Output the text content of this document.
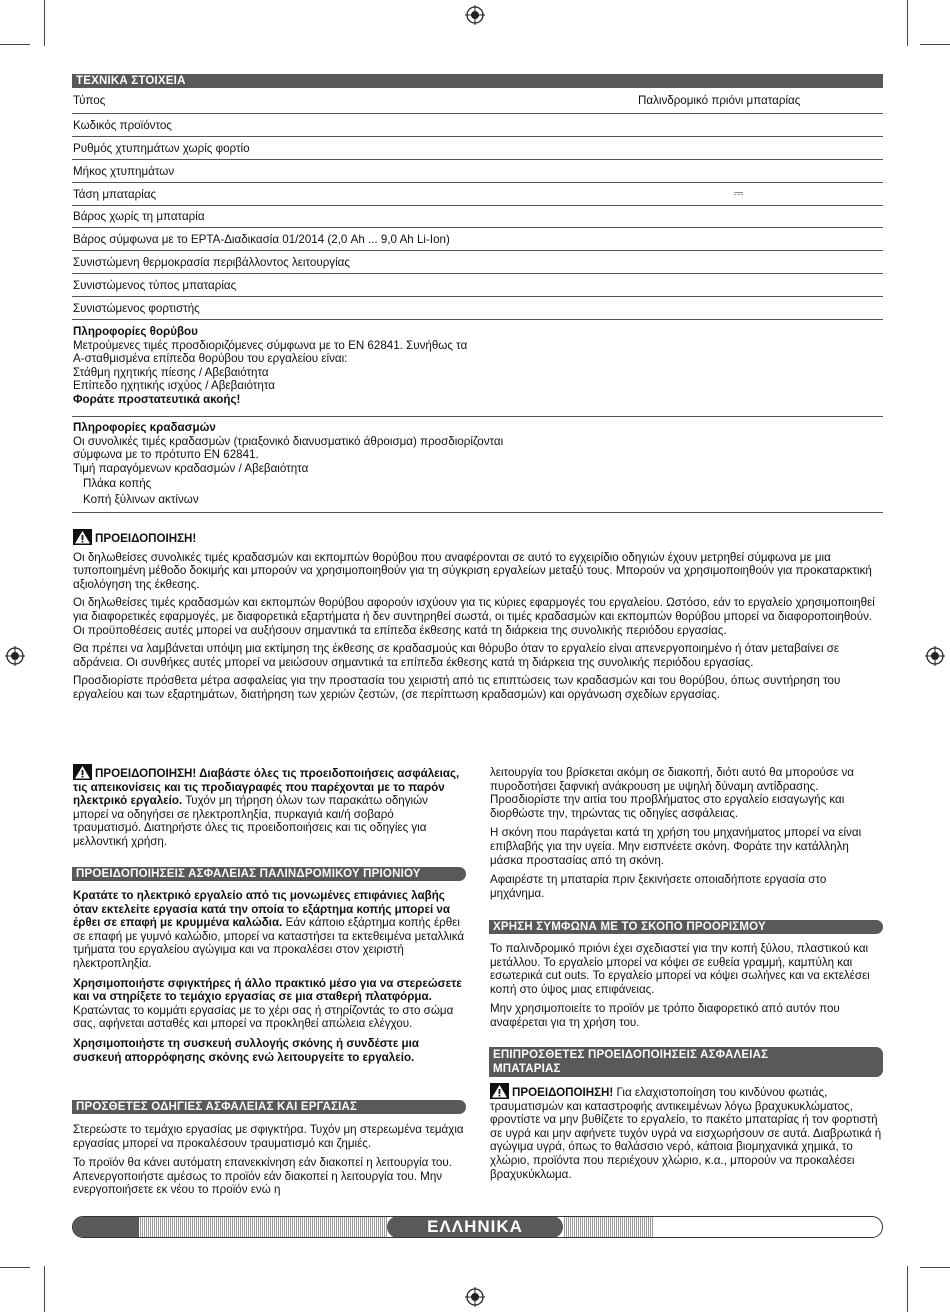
ΤΕΧΝΙΚΑ ΣΤΟΙΧΕΙΑ
Τύπος	Παλινδρομικό πριόνι μπαταρίας
Κωδικός προϊόντος
Ρυθμός χτυπημάτων χωρίς φορτίο
Μήκος χτυπημάτων
Τάση μπαταρίας	⎓
Βάρος χωρίς τη μπαταρία
Βάρος σύμφωνα με το EPTA-Διαδικασία 01/2014 (2,0 Ah ... 9,0 Ah Li-Ion)
Συνιστώμενη θερμοκρασία περιβάλλοντος λειτουργίας
Συνιστώμενος τύπος μπαταρίας
Συνιστώμενος φορτιστής

Πληροφορίες θορύβου

Μετρούμενες τιμές προσδιοριζόμενες σύμφωνα με το EN 62841. Συνήθως τα

A-σταθμισμένα επίπεδα θορύβου του εργαλείου είναι:

Στάθμη ηχητικής πίεσης / Αβεβαιότητα

Επίπεδο ηχητικής ισχύος / Αβεβαιότητα

Φοράτε προστατευτικά ακοής!

Πληροφορίες κραδασμών

Οι συνολικές τιμές κραδασμών (τριαξονικό διανυσματικό άθροισμα) προσδιορίζονται

σύμφωνα με το πρότυπο EN 62841.

Τιμή παραγόμενων κραδασμών / Αβεβαιότητα

Πλάκα κοπής

Κοπή ξύλινων ακτίνων

ΠΡΟΕΙΔΟΠΟΙΗΣΗ!

Οι δηλωθείσες συνολικές τιμές κραδασμών και εκπομπών θορύβου που αναφέρονται σε αυτό το εγχειρίδιο οδηγιών έχουν μετρηθεί σύμφωνα με μια τυποποιημένη μέθοδο δοκιμής και μπορούν να χρησιμοποιηθούν για τη σύγκριση εργαλείων μεταξύ τους. Μπορούν να χρησιμοποιηθούν για προκαταρκτική αξιολόγηση της έκθεσης.

Οι δηλωθείσες τιμές κραδασμών και εκπομπών θορύβου αφορούν ισχύουν για τις κύριες εφαρμογές του εργαλείου. Ωστόσο, εάν το εργαλείο χρησιμοποιηθεί για διαφορετικές εφαρμογές, με διαφορετικά εξαρτήματα ή δεν συντηρηθεί σωστά, οι τιμές κραδασμών και εκπομπών θορύβου μπορεί να διαφοροποιηθούν. Οι προϋποθέσεις αυτές μπορεί να αυξήσουν σημαντικά τα επίπεδα έκθεσης κατά τη διάρκεια της συνολικής περιόδου εργασίας.

Θα πρέπει να λαμβάνεται υπόψη μια εκτίμηση της έκθεσης σε κραδασμούς και θόρυβο όταν το εργαλείο είναι απενεργοποιημένο ή όταν μεταβαίνει σε αδράνεια. Οι συνθήκες αυτές μπορεί να μειώσουν σημαντικά τα επίπεδα έκθεσης κατά τη διάρκεια της συνολικής περιόδου εργασίας.

Προσδιορίστε πρόσθετα μέτρα ασφαλείας για την προστασία του χειριστή από τις επιπτώσεις των κραδασμών και του θορύβου, όπως συντήρηση του εργαλείου και των εξαρτημάτων, διατήρηση των χεριών ζεστών, (σε περίπτωση κραδασμών) και οργάνωση σχεδίων εργασίας.

ΠΡΟΕΙΔΟΠΟΙΗΣΗ! Διαβάστε όλες τις προειδοποιήσεις ασφάλειας, τις απεικονίσεις και τις προδιαγραφές που παρέχονται με το παρόν ηλεκτρικό εργαλείο. Τυχόν μη τήρηση όλων των παρακάτω οδηγιών μπορεί να οδηγήσει σε ηλεκτροπληξία, πυρκαγιά και/ή σοβαρό τραυματισμό. Διατηρήστε όλες τις προειδοποιήσεις και τις οδηγίες για μελλοντική χρήση.

ΠΡΟΕΙΔΟΠΟΙΗΣΕΙΣ ΑΣΦΑΛΕΙΑΣ ΠΑΛΙΝΔΡΟΜΙΚΟΥ ΠΡΙΟΝΙΟΥ

Κρατάτε το ηλεκτρικό εργαλείο από τις μονωμένες επιφάνιες λαβής όταν εκτελείτε εργασία κατά την οποία το εξάρτημα κοπής μπορεί να έρθει σε επαφή με κρυμμένα καλώδια. Εάν κάποιο εξάρτημα κοπής έρθει σε επαφή με γυμνό καλώδιο, μπορεί να καταστήσει τα εκτεθειμένα μεταλλικά τμήματα του εργαλείου αγώγιμα και να προκαλέσει στον χειριστή ηλεκτροπληξία.

Χρησιμοποιήστε σφιγκτήρες ή άλλο πρακτικό μέσο για να στερεώσετε και να στηρίξετε το τεμάχιο εργασίας σε μια σταθερή πλατφόρμα. Κρατώντας το κομμάτι εργασίας με το χέρι σας ή στηρίζοντάς το στο σώμα σας, αφήνεται ασταθές και μπορεί να προκληθεί απώλεια ελέγχου.

Χρησιμοποιήστε τη συσκευή συλλογής σκόνης ή συνδέστε μια συσκευή απορρόφησης σκόνης ενώ λειτουργείτε το εργαλείο.

ΠΡΟΣΘΕΤΕΣ ΟΔΗΓΙΕΣ ΑΣΦΑΛΕΙΑΣ ΚΑΙ ΕΡΓΑΣΙΑΣ

Στερεώστε το τεμάχιο εργασίας με σφιγκτήρα. Τυχόν μη στερεωμένα τεμάχια εργασίας μπορεί να προκαλέσουν τραυματισμό και ζημιές.

Το προϊόν θα κάνει αυτόματη επανεκκίνηση εάν διακοπεί η λειτουργία του. Απενεργοποιήστε αμέσως το προϊόν εάν διακοπεί η λειτουργία του. Μην ενεργοποιήσετε εκ νέου το προϊόν ενώ η

λειτουργία του βρίσκεται ακόμη σε διακοπή, διότι αυτό θα μπορούσε να πυροδοτήσει ξαφνική ανάκρουση με υψηλή δύναμη αντίδρασης. Προσδιορίστε την αιτία του προβλήματος στο εργαλείο εισαγωγής και διορθώστε την, τηρώντας τις οδηγίες ασφάλειας.

Η σκόνη που παράγεται κατά τη χρήση του μηχανήματος μπορεί να είναι επιβλαβής για την υγεία. Μην εισπνέετε σκόνη. Φοράτε την κατάλληλη μάσκα προστασίας από τη σκόνη.

Αφαιρέστε τη μπαταρία πριν ξεκινήσετε οποιαδήποτε εργασία στο μηχάνημα.

ΧΡΗΣΗ ΣΥΜΦΩΝΑ ΜΕ ΤΟ ΣΚΟΠΟ ΠΡΟΟΡΙΣΜΟΥ

Το παλινδρομικό πριόνι έχει σχεδιαστεί για την κοπή ξύλου, πλαστικού και μετάλλου. Το εργαλείο μπορεί να κόψει σε ευθεία γραμμή, καμπύλη και εσωτερικά cut outs. Το εργαλείο μπορεί να κόψει σωλήνες και να εκτελέσει κοπή στο ύψος μιας επιφάνειας.

Μην χρησιμοποιείτε το προϊόν με τρόπο διαφορετικό από αυτόν που αναφέρεται για τη χρήση του.

ΕΠΙΠΡΟΣΘΕΤΕΣ ΠΡΟΕΙΔΟΠΟΙΗΣΕΙΣ ΑΣΦΑΛΕΙΑΣ
ΜΠΑΤΑΡΙΑΣ

ΠΡΟΕΙΔΟΠΟΙΗΣΗ! Για ελαχιστοποίηση του κινδύνου φωτιάς, τραυματισμών και καταστροφής αντικειμένων λόγω βραχυκυκλώματος, φροντίστε να μην βυθίζετε το εργαλείο, το πακέτο μπαταρίας ή τον φορτιστή σε υγρά και μην αφήνετε τυχόν υγρά να εισχωρήσουν σε αυτά. Διαβρωτικά ή αγώγιμα υγρά, όπως το θαλάσσιο νερό, κάποια βιομηχανικά χημικά, το χλώριο, προϊόντα που περιέχουν χλώριο, κ.α., μπορούν να προκαλέσει βραχυκύκλωμα.

ΕΛΛΗΝΙΚΑ
